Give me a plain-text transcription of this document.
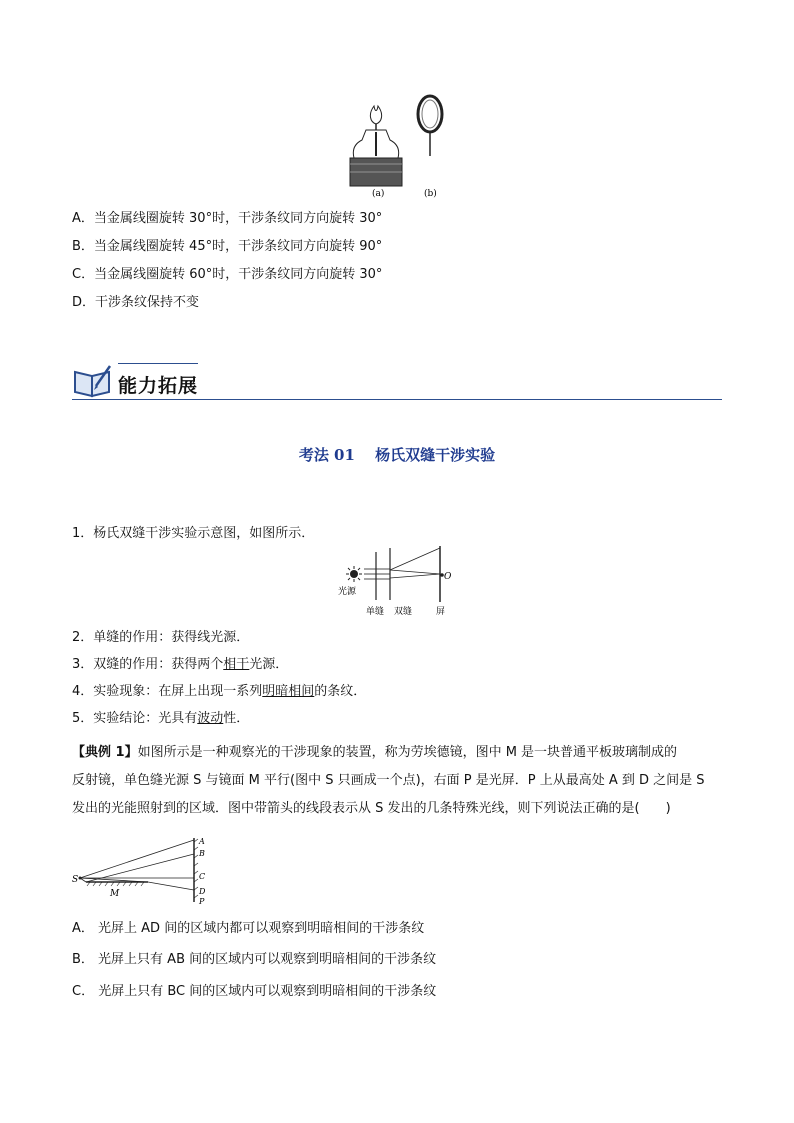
(a)	(b)
A．当金属线圈旋转 30°时，干涉条纹同方向旋转 30°
B．当金属线圈旋转 45°时，干涉条纹同方向旋转 90°
C．当金属线圈旋转 60°时，干涉条纹同方向旋转 30°
D．干涉条纹保持不变
能力拓展
考法 01　 杨氏双缝干涉实验
1．杨氏双缝干涉实验示意图，如图所示．
O
光源
单缝 双缝	屏
2．单缝的作用：获得线光源．
3．双缝的作用：获得两个相干光源．
4．实验现象：在屏上出现一系列明暗相间的条纹．
5．实验结论：光具有波动性．
【典例 1】如图所示是一种观察光的干涉现象的装置，称为劳埃德镜，图中 M 是一块普通平板玻璃制成的
反射镜，单色缝光源 S 与镜面 M 平行(图中 S 只画成一个点)，右面 P 是光屏．P 上从最高处 A 到 D 之间是 S
发出的光能照射到的区域．图中带箭头的线段表示从 S 发出的几条特殊光线，则下列说法正确的是(　　)
S
M
A
B
C
D
P
A． 光屏上 AD 间的区域内都可以观察到明暗相间的干涉条纹
B． 光屏上只有 AB 间的区域内可以观察到明暗相间的干涉条纹
C． 光屏上只有 BC 间的区域内可以观察到明暗相间的干涉条纹
